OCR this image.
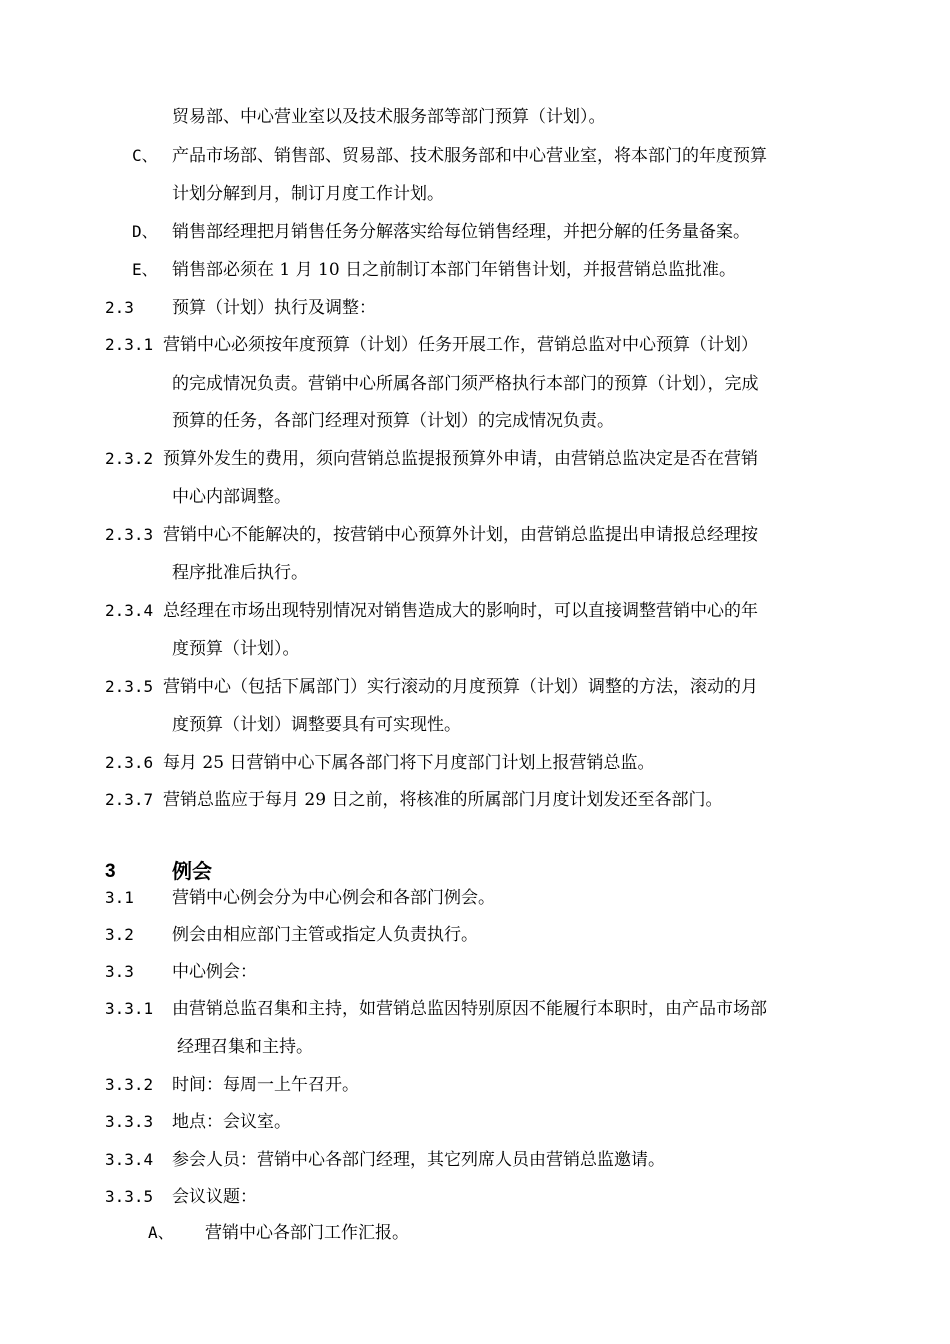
贸易部、中心营业室以及技术服务部等部门预算（计划）。
C、 产品市场部、销售部、贸易部、技术服务部和中心营业室，将本部门的年度预算
计划分解到月，制订月度工作计划。
D、 销售部经理把月销售任务分解落实给每位销售经理，并把分解的任务量备案。
E、 销售部必须在 1 月 10 日之前制订本部门年销售计划，并报营销总监批准。
2.3 预算（计划）执行及调整：
2.3.1 营销中心必须按年度预算（计划）任务开展工作，营销总监对中心预算（计划）
的完成情况负责。营销中心所属各部门须严格执行本部门的预算（计划），完成
预算的任务，各部门经理对预算（计划）的完成情况负责。
2.3.2 预算外发生的费用，须向营销总监提报预算外申请，由营销总监决定是否在营销
中心内部调整。
2.3.3 营销中心不能解决的，按营销中心预算外计划，由营销总监提出申请报总经理按
程序批准后执行。
2.3.4 总经理在市场出现特别情况对销售造成大的影响时，可以直接调整营销中心的年
度预算（计划）。
2.3.5 营销中心（包括下属部门）实行滚动的月度预算（计划）调整的方法，滚动的月
度预算（计划）调整要具有可实现性。
2.3.6 每月 25 日营销中心下属各部门将下月度部门计划上报营销总监。
2.3.7 营销总监应于每月 29 日之前，将核准的所属部门月度计划发还至各部门。
3	例会
3.1 营销中心例会分为中心例会和各部门例会。
3.2 例会由相应部门主管或指定人负责执行。
3.3 中心例会：
3.3.1 由营销总监召集和主持，如营销总监因特别原因不能履行本职时，由产品市场部
经理召集和主持。
3.3.2 时间：每周一上午召开。
3.3.3 地点：会议室。
3.3.4 参会人员：营销中心各部门经理，其它列席人员由营销总监邀请。
3.3.5 会议议题：
A、 营销中心各部门工作汇报。
